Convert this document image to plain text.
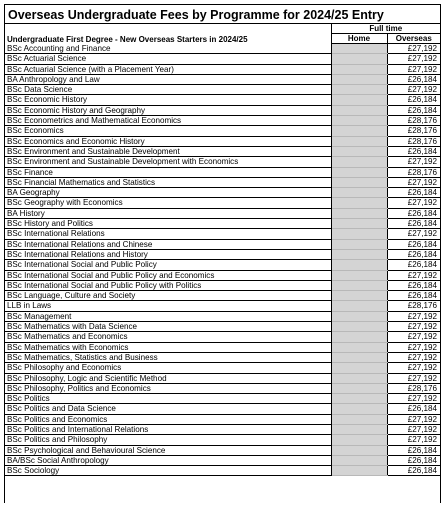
Overseas Undergraduate Fees by Programme for 2024/25 Entry
Undergraduate First Degree - New Overseas Starters in 2024/25	Full time	
	Home	Overseas
BSc Accounting and Finance		£27,192
BSc Actuarial Science		£27,192
BSc Actuarial Science (with a Placement Year)		£27,192
BA Anthropology and Law		£26,184
BSc Data Science		£27,192
BSc Economic History		£26,184
BSc Economic History and Geography		£26,184
BSc Econometrics and Mathematical Economics		£28,176
BSc Economics		£28,176
BSc Economics and Economic History		£28,176
BSc Environment and Sustainable Development		£26,184
BSc Environment and Sustainable Development with Economics		£27,192
BSc Finance		£28,176
BSc Financial Mathematics and Statistics		£27,192
BA Geography		£26,184
BSc Geography with Economics		£27,192
BA History		£26,184
BSc History and Politics		£26,184
BSc International Relations		£27,192
BSc International Relations and Chinese		£26,184
BSc International Relations and History		£26,184
BSc International Social and Public Policy		£26,184
BSc International Social and Public Policy and Economics		£27,192
BSc International Social and Public Policy with Politics		£26,184
BSc Language, Culture and Society		£26,184
LLB in Laws		£28,176
BSc Management		£27,192
BSc Mathematics with Data Science		£27,192
BSc Mathematics and Economics		£27,192
BSc Mathematics with Economics		£27,192
BSc Mathematics, Statistics and Business		£27,192
BSc Philosophy and Economics		£27,192
BSc Philosophy, Logic and Scientific Method		£27,192
BSc Philosophy, Politics and Economics		£28,176
BSc Politics		£27,192
BSc Politics and Data Science		£26,184
BSc Politics and Economics		£27,192
BSc Politics and International Relations		£27,192
BSc Politics and Philosophy		£27,192
BSc Psychological and Behavioural Science		£26,184
BA/BSc Social Anthropology		£26,184
BSc Sociology		£26,184
